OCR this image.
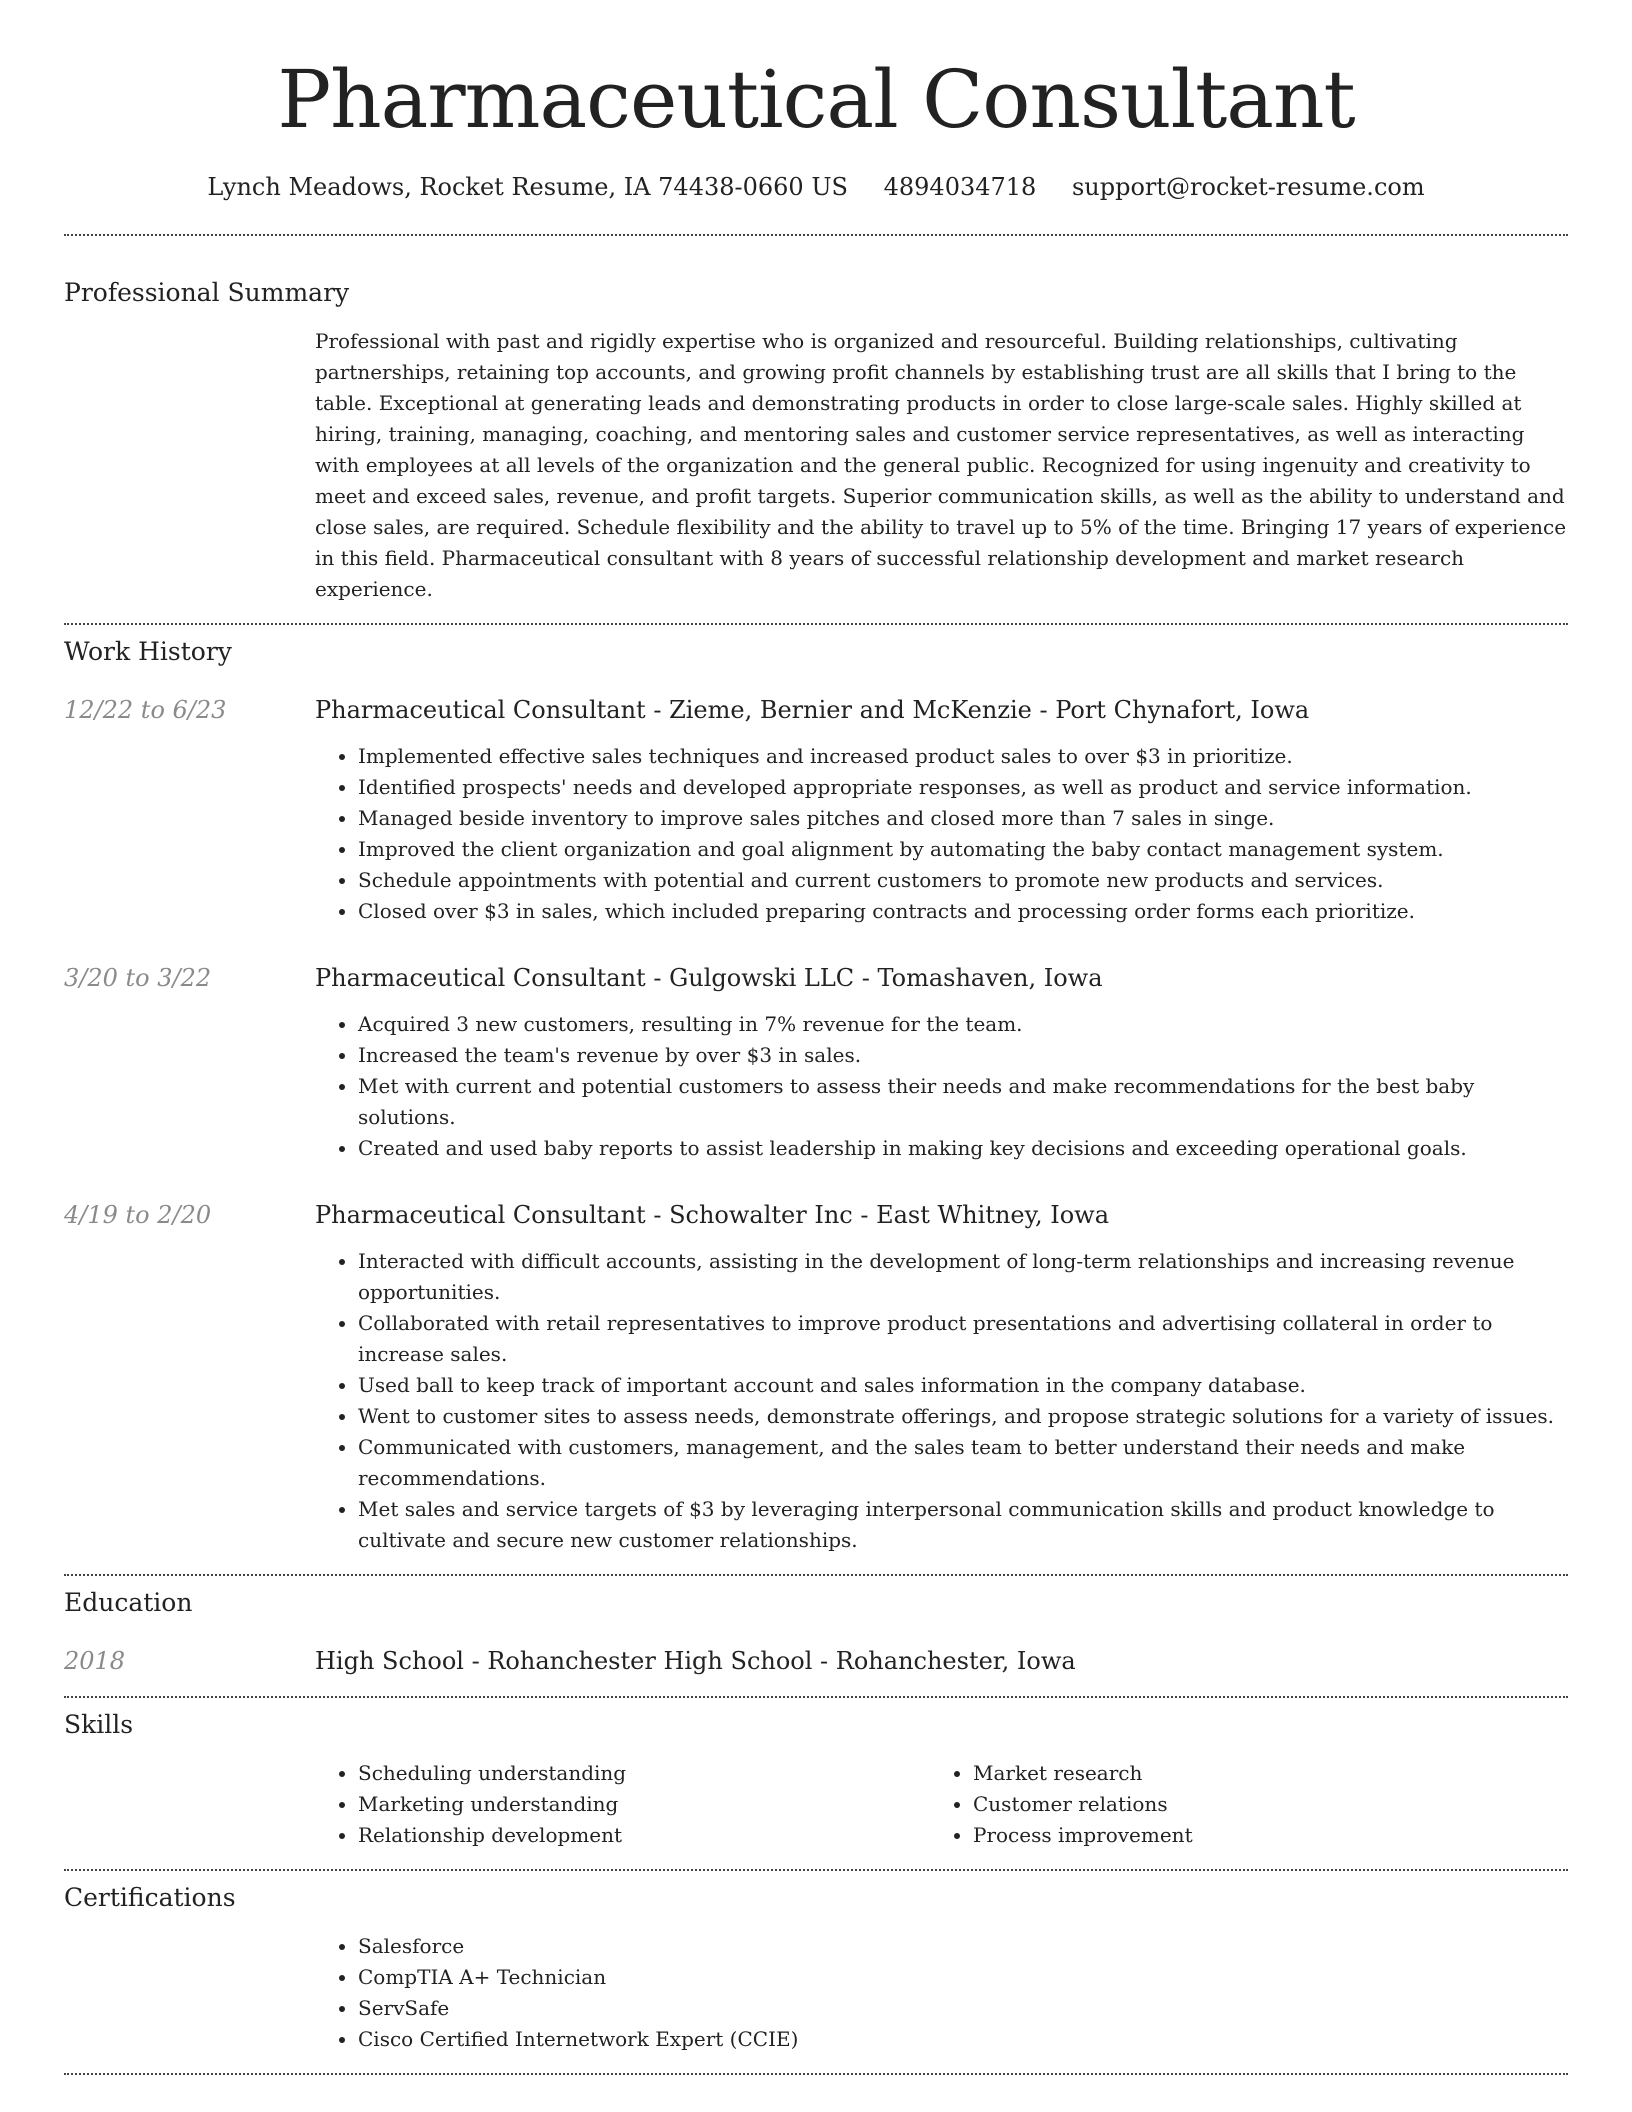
Pharmaceutical Consultant
Lynch Meadows, Rocket Resume, IA 74438-0660 US 4894034718 support@rocket-resume.com
Professional Summary

Professional with past and rigidly expertise who is organized and resourceful. Building relationships, cultivating partnerships, retaining top accounts, and growing profit channels by establishing trust are all skills that I bring to the table. Exceptional at generating leads and demonstrating products in order to close large-scale sales. Highly skilled at hiring, training, managing, coaching, and mentoring sales and customer service representatives, as well as interacting with employees at all levels of the organization and the general public. Recognized for using ingenuity and creativity to meet and exceed sales, revenue, and profit targets. Superior communication skills, as well as the ability to understand and close sales, are required. Schedule flexibility and the ability to travel up to 5% of the time. Bringing 17 years of experience in this field. Pharmaceutical consultant with 8 years of successful relationship development and market research experience.

Work History
12/22 to 6/23	Pharmaceutical Consultant - Zieme, Bernier and McKenzie - Port Chynafort, Iowa
• Implemented effective sales techniques and increased product sales to over $3 in prioritize.
• Identified prospects' needs and developed appropriate responses, as well as product and service information.
• Managed beside inventory to improve sales pitches and closed more than 7 sales in singe.
• Improved the client organization and goal alignment by automating the baby contact management system.
• Schedule appointments with potential and current customers to promote new products and services.
• Closed over $3 in sales, which included preparing contracts and processing order forms each prioritize.
3/20 to 3/22	Pharmaceutical Consultant - Gulgowski LLC - Tomashaven, Iowa
• Acquired 3 new customers, resulting in 7% revenue for the team.
• Increased the team's revenue by over $3 in sales.
• Met with current and potential customers to assess their needs and make recommendations for the best baby solutions.
• Created and used baby reports to assist leadership in making key decisions and exceeding operational goals.
4/19 to 2/20	Pharmaceutical Consultant - Schowalter Inc - East Whitney, Iowa
• Interacted with difficult accounts, assisting in the development of long-term relationships and increasing revenue opportunities.
• Collaborated with retail representatives to improve product presentations and advertising collateral in order to increase sales.
• Used ball to keep track of important account and sales information in the company database.
• Went to customer sites to assess needs, demonstrate offerings, and propose strategic solutions for a variety of issues.
• Communicated with customers, management, and the sales team to better understand their needs and make recommendations.
• Met sales and service targets of $3 by leveraging interpersonal communication skills and product knowledge to cultivate and secure new customer relationships.
Education
2018	High School - Rohanchester High School - Rohanchester, Iowa
Skills
• Scheduling understanding
• Marketing understanding
• Relationship development
• Market research
• Customer relations
• Process improvement
Certifications
• Salesforce
• CompTIA A+ Technician
• ServSafe
• Cisco Certified Internetwork Expert (CCIE)
